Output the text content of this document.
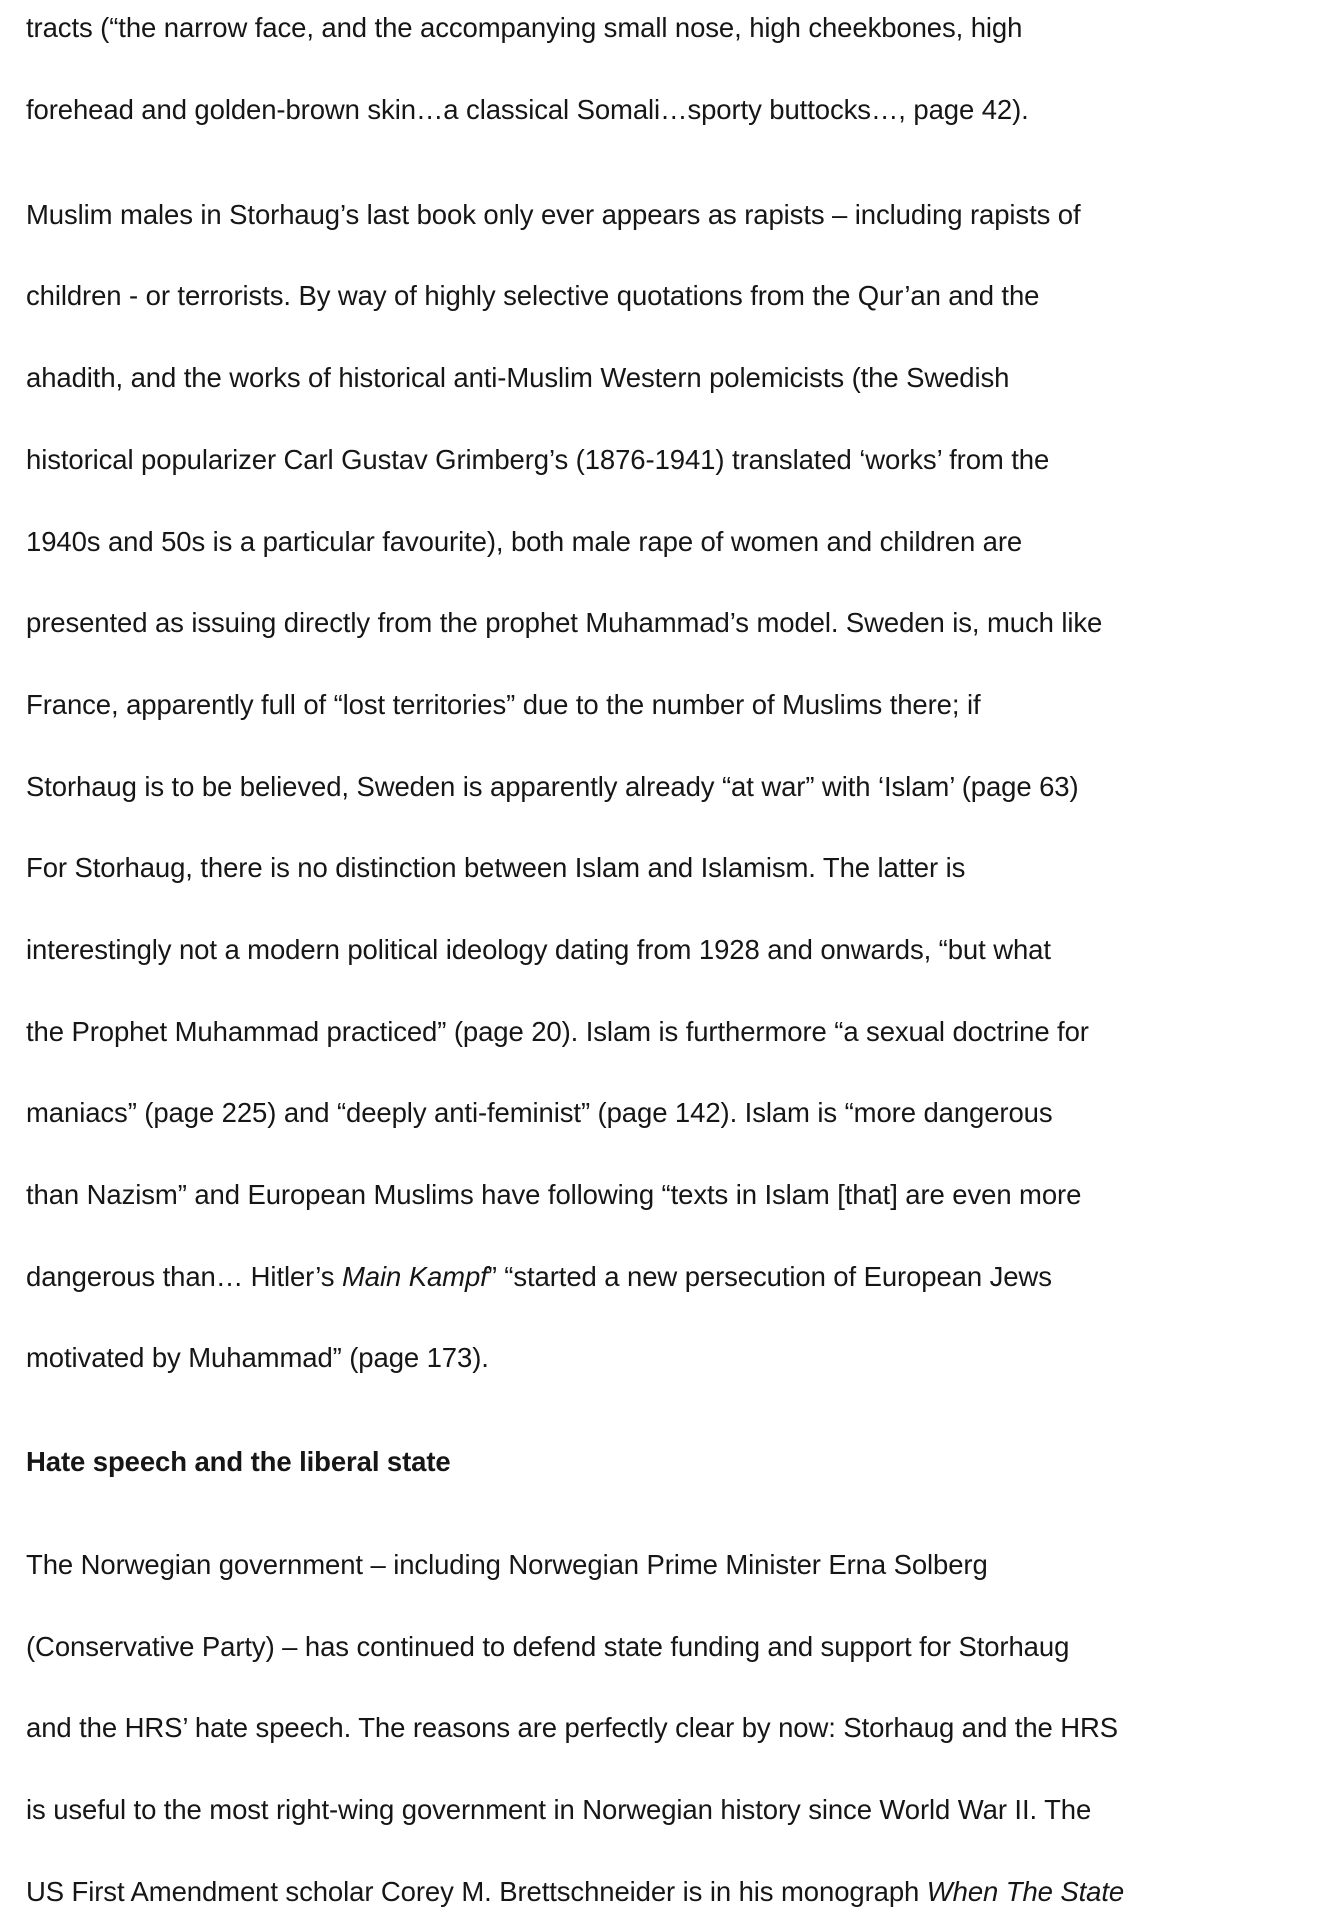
tracts (“the narrow face, and the accompanying small nose, high cheekbones, high
forehead and golden-brown skin…a classical Somali…sporty buttocks…, page 42).
Muslim males in Storhaug’s last book only ever appears as rapists – including rapists of
children - or terrorists. By way of highly selective quotations from the Qur’an and the
ahadith, and the works of historical anti-Muslim Western polemicists (the Swedish
historical popularizer Carl Gustav Grimberg’s (1876-1941) translated ‘works’ from the
1940s and 50s is a particular favourite), both male rape of women and children are
presented as issuing directly from the prophet Muhammad’s model. Sweden is, much like
France, apparently full of “lost territories” due to the number of Muslims there; if
Storhaug is to be believed, Sweden is apparently already “at war” with ‘Islam’ (page 63)
For Storhaug, there is no distinction between Islam and Islamism. The latter is
interestingly not a modern political ideology dating from 1928 and onwards, “but what
the Prophet Muhammad practiced” (page 20). Islam is furthermore “a sexual doctrine for
maniacs” (page 225) and “deeply anti-feminist” (page 142). Islam is “more dangerous
than Nazism” and European Muslims have following “texts in Islam [that] are even more
dangerous than… Hitler’s Main Kampf” “started a new persecution of European Jews
motivated by Muhammad” (page 173).
Hate speech and the liberal state
The Norwegian government – including Norwegian Prime Minister Erna Solberg
(Conservative Party) – has continued to defend state funding and support for Storhaug
and the HRS’ hate speech. The reasons are perfectly clear by now: Storhaug and the HRS
is useful to the most right-wing government in Norwegian history since World War II. The
US First Amendment scholar Corey M. Brettschneider is in his monograph When The State
